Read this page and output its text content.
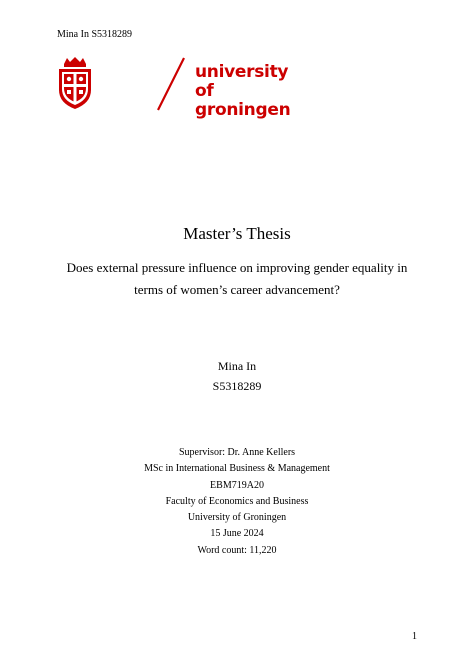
Mina In S5318289
university of
groningen
Master’s Thesis
Does external pressure influence on improving gender equality in
terms of women’s career advancement?
Mina In
S5318289
Supervisor: Dr. Anne Kellers
MSc in International Business & Management
EBM719A20
Faculty of Economics and Business
University of Groningen
15 June 2024
Word count: 11,220
1
